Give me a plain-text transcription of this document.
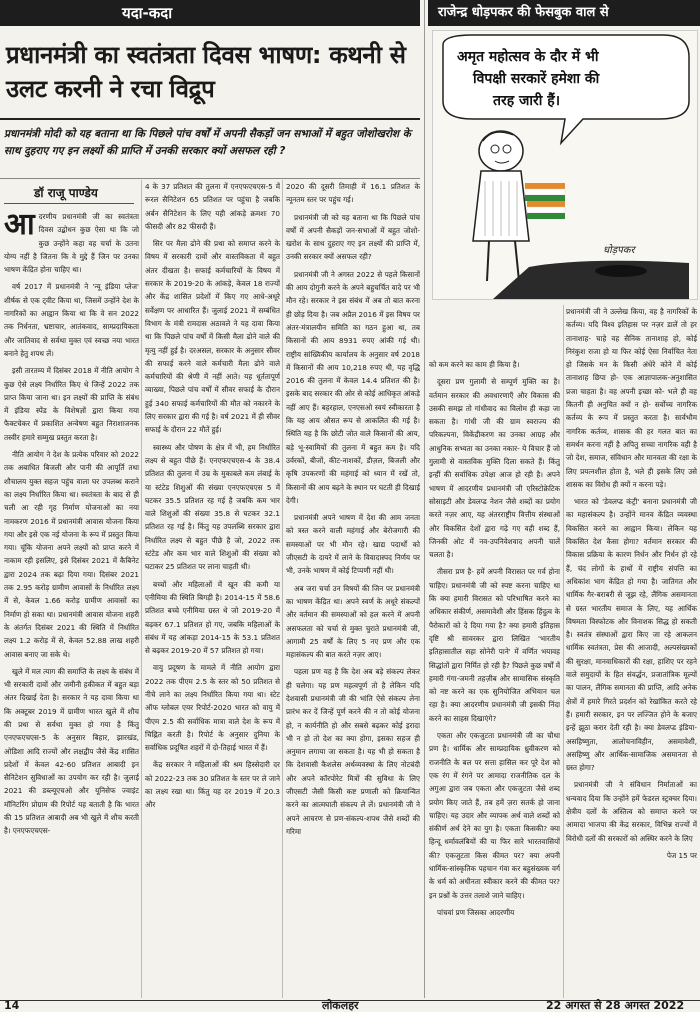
यदा-कदा	राजेन्द्र धोड़पकर की फेसबुक वाल से
प्रधानमंत्री का स्वतंत्रता दिवस भाषण: कथनी से उलट करनी ने रचा विद्रूप
प्रधानमंत्री मोदी को यह बताना था कि पिछले पांच वर्षों में अपनी सैकड़ों जन सभाओं में बहुत जोशोखरोश के साथ दुहराए गए इन लक्ष्यों की प्राप्ति में उनकी सरकार क्यों असफल रही ?
डॉ राजू पाण्डेय

आदरणीय प्रधानमंत्री जी का स्वतंत्रता दिवस उद्बोधन कुछ ऐसा था कि जो कुछ उन्होंने कहा वह चर्चा के उतना योग्य नहीं है जितना कि वे मुद्दे हैं जिन पर उनका भाषण केंद्रित होना चाहिए था।

वर्ष 2017 में प्रधानमंत्री ने 'न्यू इंडिया प्लेज' शीर्षक से एक ट्वीट किया था, जिसमें उन्होंने देश के नागरिकों का आह्वान किया था कि वे सन 2022 तक निर्धनता, भ्रष्टाचार, आतंकवाद, साम्प्रदायिकता और जातिवाद से सर्वथा मुक्त एवं स्वच्छ नया भारत बनाने हेतु शपथ लें।

इसी तारतम्य में दिसंबर 2018 में नीति आयोग ने कुछ ऐसे लक्ष्य निर्धारित किए थे जिन्हें 2022 तक प्राप्त किया जाना था। इन लक्ष्यों की प्राप्ति के संबंध में इंडिया स्पेंड के विशेषज्ञों द्वारा किया गया फैक्टचेकर में प्रकाशित अन्वेषण बहुत निराशाजनक तस्वीर हमारे सम्मुख प्रस्तुत करता है।

नीति आयोग ने देश के प्रत्येक परिवार को 2022 तक अबाधित बिजली और पानी की आपूर्ति तथा शौचालय युक्त सहज पहुंच वाला घर उपलब्ध कराने का लक्ष्य निर्धारित किया था। स्वतंत्रता के बाद से ही चली आ रही गृह निर्माण योजनाओं का नया नामकरण 2016 में प्रधानमंत्री आवास योजना किया गया और इसे एक नई योजना के रूप में प्रस्तुत किया गया। चूंकि योजना अपने लक्ष्यों को प्राप्त करने में नाकाम रही इसलिए, इसे दिसंबर 2021 में कैबिनेट द्वारा 2024 तक बढ़ा दिया गया। दिसंबर 2021 तक 2.95 करोड़ ग्रामीण आवासों के निर्धारित लक्ष्य में से, केवल 1.66 करोड़ ग्रामीण आवासों का निर्माण हो सका था। प्रधानमंत्री आवास योजना शहरी के अंतर्गत दिसंबर 2021 की स्थिति में निर्धारित लक्ष्य 1.2 करोड़ में से, केवल 52.88 लाख शहरी आवास बनाए जा सके थे।

खुले में मल त्याग की समाप्ति के लक्ष्य के संबंध में भी सरकारी दावों और जमीनी हकीकत में बहुत बड़ा अंतर दिखाई देता है। सरकार ने यह दावा किया था कि अक्टूबर 2019 में ग्रामीण भारत खुले में शौच की प्रथा से सर्वथा मुक्त हो गया है किंतु एनएफएचएस-5 के अनुसार बिहार, झारखंड, ओडिशा आदि राज्यों और लक्षद्वीप जैसे केंद्र शासित प्रदेशों में केवल 42-60 प्रतिशत आबादी इन सैनिटेशन सुविधाओं का उपयोग कर रही है। जुलाई 2021 की डब्ल्यूएचओ और यूनिसेफ ज्वाइंट मॉनिटरिंग प्रोग्राम की रिपोर्ट यह बताती है कि भारत की 15 प्रतिशत आबादी अब भी खुले में शौच करती है। एनएफएचएस-

4 के 37 प्रतिशत की तुलना में एनएफएचएस-5 में रूरल सैनिटेशन 65 प्रतिशत पर पहुंचा है जबकि अर्बन सैनिटेशन के लिए यही आंकड़े क्रमशः 70 फीसदी और 82 फीसदी हैं।

सिर पर मैला ढोने की प्रथा को समाप्त करने के विषय में सरकारी दावों और वास्तविकता में बहुत अंतर दीखता है। सफाई कर्मचारियों के विषय में सरकार के 2019-20 के आंकड़े, केवल 18 राज्यों और केंद्र शासित प्रदेशों में किए गए आधे-अधूरे सर्वेक्षण पर आधारित हैं। जुलाई 2021 में सम्बंधित विभाग के मंत्री रामदास अठावले ने यह दावा किया था कि पिछले पांच वर्षों में किसी मैला ढोने वाले की मृत्यु नहीं हुई है। दरअसल, सरकार के अनुसार सीवर की सफाई करने वाले कर्मचारी मैला ढोने वाले कर्मचारियों की श्रेणी में नहीं आते। यह धूर्ततापूर्ण व्याख्या, पिछले पांच वर्षों में सीवर सफाई के दौरान हुई 340 सफाई कर्मचारियों की मौत को नकारने के लिए सरकार द्वारा की गई है। वर्ष 2021 में ही सीवर सफाई के दौरान 22 मौतें हुई।

स्वास्थ्य और पोषण के क्षेत्र में भी, हम निर्धारित लक्ष्य से बहुत पीछे हैं। एनएफएचएस-4 के 38.4 प्रतिशत की तुलना में उम्र के मुकाबले कम लंबाई के या स्टंटेड शिशुओं की संख्या एनएफएचएस 5 में घटकर 35.5 प्रतिशत रह गई है जबकि कम भार वाले शिशुओं की संख्या 35.8 से घटकर 32.1 प्रतिशत रह गई है। किंतु यह उपलब्धि सरकार द्वारा निर्धारित लक्ष्य से बहुत पीछे है जो, 2022 तक स्टंटेड और कम भार वाले शिशुओं की संख्या को घटाकर 25 प्रतिशत पर लाना चाहती थी।

बच्चों और महिलाओं में खून की कमी या एनीमिया की स्थिति बिगड़ी है। 2014-15 में 58.6 प्रतिशत बच्चे एनीमिया ग्रस्त थे जो 2019-20 में बढ़कर 67.1 प्रतिशत हो गए, जबकि महिलाओं के संबंध में यह आंकड़ा 2014-15 के 53.1 प्रतिशत से बढ़कर 2019-20 में 57 प्रतिशत हो गया।

वायु प्रदूषण के मामले में नीति आयोग द्वारा 2022 तक पीएम 2.5 के स्तर को 50 प्रतिशत से नीचे लाने का लक्ष्य निर्धारित किया गया था। स्टेट ऑफ ग्लोबल एयर रिपोर्ट-2020 भारत को वायु में पीएम 2.5 की सर्वाधिक मात्रा वाले देश के रूप में चिह्नित करती है। रिपोर्ट के अनुसार दुनिया के सर्वाधिक प्रदूषित शहरों में दो-तिहाई भारत में हैं।

केंद्र सरकार ने महिलाओं की श्रम हिस्सेदारी दर को 2022-23 तक 30 प्रतिशत के स्तर पर ले जाने का लक्ष्य रखा था। किंतु यह दर 2019 में 20.3 और

2020 की दूसरी तिमाही में 16.1 प्रतिशत के न्यूनतम स्तर पर पहुंच गई।

प्रधानमंत्री जी को यह बताना था कि पिछले पांच वर्षों में अपनी सैकड़ों जन-सभाओं में बहुत जोशो-खरोश के साथ दुहराए गए इन लक्ष्यों की प्राप्ति में, उनकी सरकार क्यों असफल रही?

प्रधानमंत्री जी ने अगस्त 2022 से पहले किसानों की आय दोगुनी करने के अपने बहुचर्चित वादे पर भी मौन रहे। सरकार ने इस संबंध में अब तो बात करना ही छोड़ दिया है। जब अप्रैल 2016 में इस विषय पर अंतर-मंत्रालयीन समिति का गठन हुआ था, तब किसानों की आय 8931 रुपए आंकी गई थी। राष्ट्रीय सांख्यिकीय कार्यालय के अनुसार वर्ष 2018 में किसानों की आय 10,218 रुपए थी, यह वृद्धि 2016 की तुलना में केवल 14.4 प्रतिशत की है। इसके बाद सरकार की ओर से कोई आधिकृत आंकड़े नहीं आए हैं। बहरहाल, एनएसओ स्वयं स्वीकारता है कि यह आय औसत रूप से आकलित की गई है। स्थिति यह है कि छोटी जोत वाले किसानों की आय, बड़े भू-स्वामियों की तुलना में बहुत कम है। यदि उर्वरकों, बीजों, कीट-नाशकों, डीज़ल, बिजली और कृषि उपकरणों की महंगाई को ध्यान में रखें तो, किसानों की आय बढ़ने के स्थान पर घटती ही दिखाई देगी।

प्रधानमंत्री अपने भाषण में देश की आम जनता को त्रस्त करने वाली महंगाई और बेरोजगारी की समस्याओं पर भी मौन रहे। खाद्य पदार्थों को जीएसटी के दायरे में लाने के विवादास्पद निर्णय पर भी, उनके भाषण में कोई टिप्पणी नहीं थी।

अब जरा चर्चा उन विषयों की जिन पर प्रधानमंत्री का भाषण केंद्रित था। अपने स्वर्ण के अधूरे संकल्पों और वर्तमान की समस्याओं को हल करने में अपनी असफलता को चर्चा से मुक्त चुराते प्रधानमंत्री जी, आगामी 25 वर्षों के लिए 5 नए प्रण और एक महासंकल्प की बात करते नज़र आए।

पहला प्रण यह है कि देश अब बड़े संकल्प लेकर ही चलेगा। यह प्रण महत्वपूर्ण तो है लेकिन यदि देशवासी प्रधानमंत्री जी की भांति ऐसे संकल्प लेना प्रारंभ कर दें जिन्हें पूर्ण करने की न तो कोई योजना हो, न कार्यनीति हो और सबसे बढ़कर कोई इरादा भी न हो तो देश का क्या होगा, इसका सहज ही अनुमान लगाया जा सकता है। यह भी हो सकता है कि देशवासी कैशलेस अर्थव्यवस्था के लिए नोटबंदी और अपने कॉरपोरेट मित्रों की सुविधा के लिए जीएसटी जैसी किसी कष्ट प्रणाली को क्रियान्वित करने का आत्मघाती संकल्प ले लें। प्रधानमंत्री जी ने अपने आचरण से प्रण-संकल्प-शपथ जैसे शब्दों की गरिमा

अमृत महोत्सव के दौर में भी
विपक्षी सरकारें हमेशा की
तरह जारी हैं।
धोड़पकर

को कम करने का काम ही किया है।

दूसरा प्रण गुलामी से सम्पूर्ण मुक्ति का है। वर्तमान सरकार की अवधारणाएँ और विकास की उसकी समझ तो गांधीवाद का विलोम ही कहा जा सकता है। गांधी जी की ग्राम स्वराज्य की परिकल्पना, विकेंद्रीकरण का उनका आग्रह और आधुनिक सभ्यता का उनका नकार- ये विचार हैं जो गुलामी से वास्तविक मुक्ति दिला सकते हैं। किंतु इन्हीं की सर्वाधिक उपेक्षा आज हो रही है। अपने भाषण में आदरणीय प्रधानमंत्री जी एरिस्टोक्रेटिक सोसाइटी और डेवलप्ड नेशन जैसे शब्दों का प्रयोग करते नज़र आए, यह अंतरराष्ट्रीय वित्तीय संस्थाओं और विकसित देशों द्वारा गढ़े गए वही शब्द हैं, जिनकी ओट में नव-उपनिवेशवाद अपनी चालें चलता है।

तीसरा प्रण है- हमें अपनी विरासत पर गर्व होना चाहिए। प्रधानमंत्री जी को स्पष्ट करना चाहिए था कि क्या हमारी विरासत को परिभाषित करने का अधिकार संकीर्ण, असमावेशी और हिंसक हिंदुत्व के पैरोकारों को दे दिया गया है? क्या हमारी इतिहास दृष्टि श्री सावरकर द्वारा लिखित 'भारतीय इतिहासातील सहा सोनेरी पाने' में वर्णित भयावह सिद्धांतों द्वारा निर्मित हो रही है? पिछले कुछ वर्षों में हमारी गंगा-जमनी तहज़ीब और सामासिक संस्कृति को नष्ट करने का एक सुनियोजित अभियान चल रहा है। क्या आदरणीय प्रधानमंत्री जी इसकी निंदा करने का साहस दिखाएंगे?

एकता और एकजुटता प्रधानमंत्री जी का चौथा प्रण है। धार्मिक और साम्प्रदायिक ध्रुवीकरण को राजनीति के बल पर सत्ता हासिल कर पूरे देश को एक रंग में रंगने पर आमादा राजनीतिक दल के अगुआ द्वारा जब एकता और एकजुटता जैसे शब्द प्रयोग किए जाते हैं, तब हमें ज़रा सतर्क हो जाना चाहिए। यह उदार और व्यापक अर्थ वाले शब्दों को संकीर्ण अर्थ देने का युग है। एकता किसकी? क्या हिन्दू धर्मावलंबियों की या फिर सारे भारतवासियों की? एकजुटता किस कीमत पर? क्या अपनी धार्मिक-सांस्कृतिक पहचान गंवा कर बहुसंख्यक वर्ग के धर्म को अधीनता स्वीकार करने की कीमत पर? इन प्रश्नों के उत्तर तलाशे जाने चाहिए।

पांचवां प्रण जिसका आदरणीय

प्रधानमंत्री जी ने उल्लेख किया, वह है नागरिकों के कर्तव्य। यदि विश्व इतिहास पर नज़र डालें तो हर तानाशाह- चाहे वह सैनिक तानाशाह हो, कोई निरंकुश राजा हो या फिर कोई ऐसा निर्वाचित नेता हो जिसके मन के किसी अंधेरे कोने में कोई तानाशाह छिपा हो- एक आज्ञापालक-अनुशासित प्रजा चाहता है। वह अपनी इच्छा को- भले ही वह कितनी ही अनुचित क्यों न हो- सर्वोच्च नागरिक कर्तव्य के रूप में प्रस्तुत करता है। सार्वभौम नागरिक कर्तव्य, शासक की हर गलत बात का समर्थन करना नहीं है अपितु सच्चा नागरिक वही है जो देश, समाज, संविधान और मानवता की रक्षा के लिए प्रयत्नशील होता है, भले ही इसके लिए उसे शासक का विरोध ही क्यों न करना पड़े।

भारत को 'डेवलप्ड कंट्री' बनाना प्रधानमंत्री जी का महासंकल्प है। उन्होंने मानव केंद्रित व्यवस्था विकसित करने का आह्वान किया। लेकिन यह विकसित देश कैसा होगा? वर्तमान सरकार की विकास प्रक्रिया के कारण निर्धन और निर्धन हो रहे हैं, चंद लोगों के हाथों में राष्ट्रीय संपत्ति का अधिकांश भाग केंद्रित हो गया है। जातिगत और धार्मिक गैर-बराबरी से जूझ रहे, लैंगिक असमानता से ग्रस्त भारतीय समाज के लिए, यह आर्थिक विषमता विस्फोटक और विनाशक सिद्ध हो सकती है। स्वतंत्र संस्थाओं द्वारा किए जा रहे आकलन धार्मिक स्वतंत्रता, प्रेस की आजादी, अल्पसंख्यकों की सुरक्षा, मानवाधिकारों की रक्षा, हाशिए पर रहने वाले समुदायों के हित संवर्द्धन, प्रजातांत्रिक मूल्यों का पालन, लैंगिक समानता की प्राप्ति, आदि अनेक क्षेत्रों में हमारे गिरते प्रदर्शन को रेखांकित करते रहे हैं। हमारी सरकार, इन पर लज्जित होने के बजाए इन्हें झूठा करार देती रही है। क्या डेवलप्ड इंडिया- असहिष्णुता, आलोचनाविहीन, असमावेशी, असहिष्णु और आर्थिक-सामाजिक असमानता से ग्रस्त होगा?

प्रधानमंत्री जी ने संविधान निर्माताओं का धन्यवाद दिया कि उन्होंने हमें फेडरल स्ट्रक्चर दिया। क्षेत्रीय दलों के अस्तित्व को समाप्त करने पर आमादा भाजपा की केंद्र सरकार, विभिन्न राज्यों में विरोधी दलों की सरकारों को अस्थिर करने के लिए

पेज 15 पर

14	लोकलहर	22 अगस्त से 28 अगस्त 2022
